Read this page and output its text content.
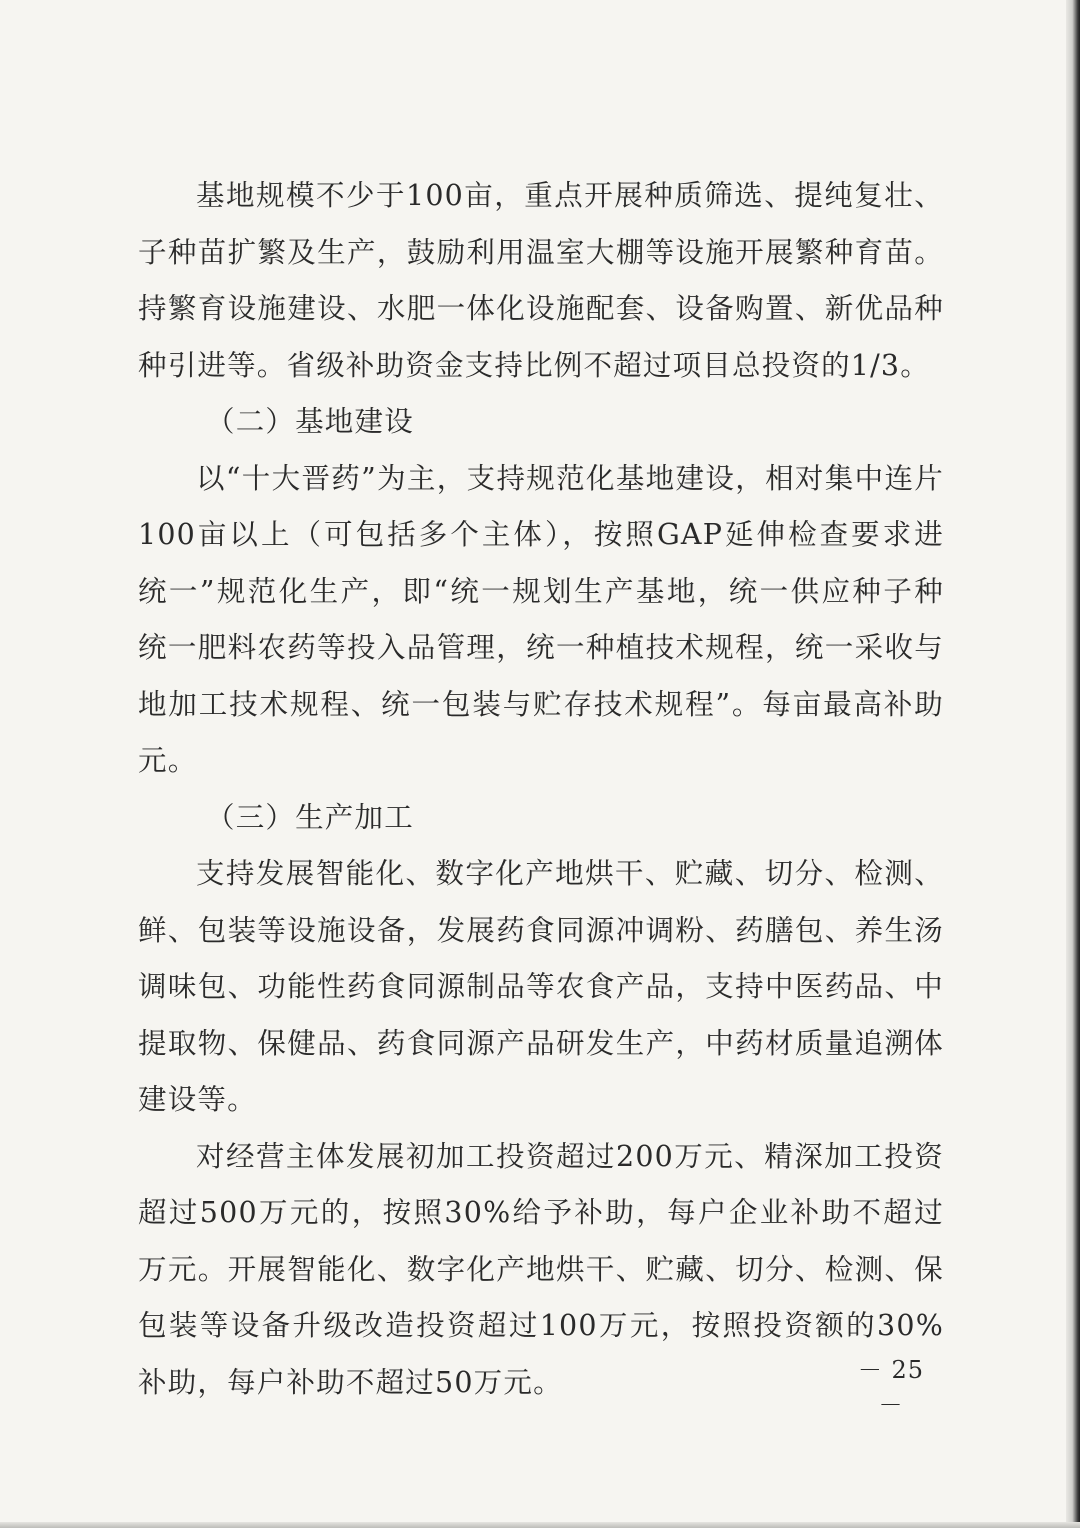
基地规模不少于100亩，重点开展种质筛选、提纯复壮、
子种苗扩繁及生产，鼓励利用温室大棚等设施开展繁种育苗。
持繁育设施建设、水肥一体化设施配套、设备购置、新优品种
种引进等。省级补助资金支持比例不超过项目总投资的1/3。
（二）基地建设
以“十大晋药”为主，支持规范化基地建设，相对集中连片
100亩以上（可包括多个主体），按照GAP延伸检查要求进
统一”规范化生产，即“统一规划生产基地，统一供应种子种
统一肥料农药等投入品管理，统一种植技术规程，统一采收与
地加工技术规程、统一包装与贮存技术规程”。每亩最高补助
元。
（三）生产加工
支持发展智能化、数字化产地烘干、贮藏、切分、检测、
鲜、包装等设施设备，发展药食同源冲调粉、药膳包、养生汤
调味包、功能性药食同源制品等农食产品，支持中医药品、中
提取物、保健品、药食同源产品研发生产，中药材质量追溯体
建设等。
对经营主体发展初加工投资超过200万元、精深加工投资
超过500万元的，按照30%给予补助，每户企业补助不超过
万元。开展智能化、数字化产地烘干、贮藏、切分、检测、保
包装等设备升级改造投资超过100万元，按照投资额的30%
补助，每户补助不超过50万元。	－ 25 －
